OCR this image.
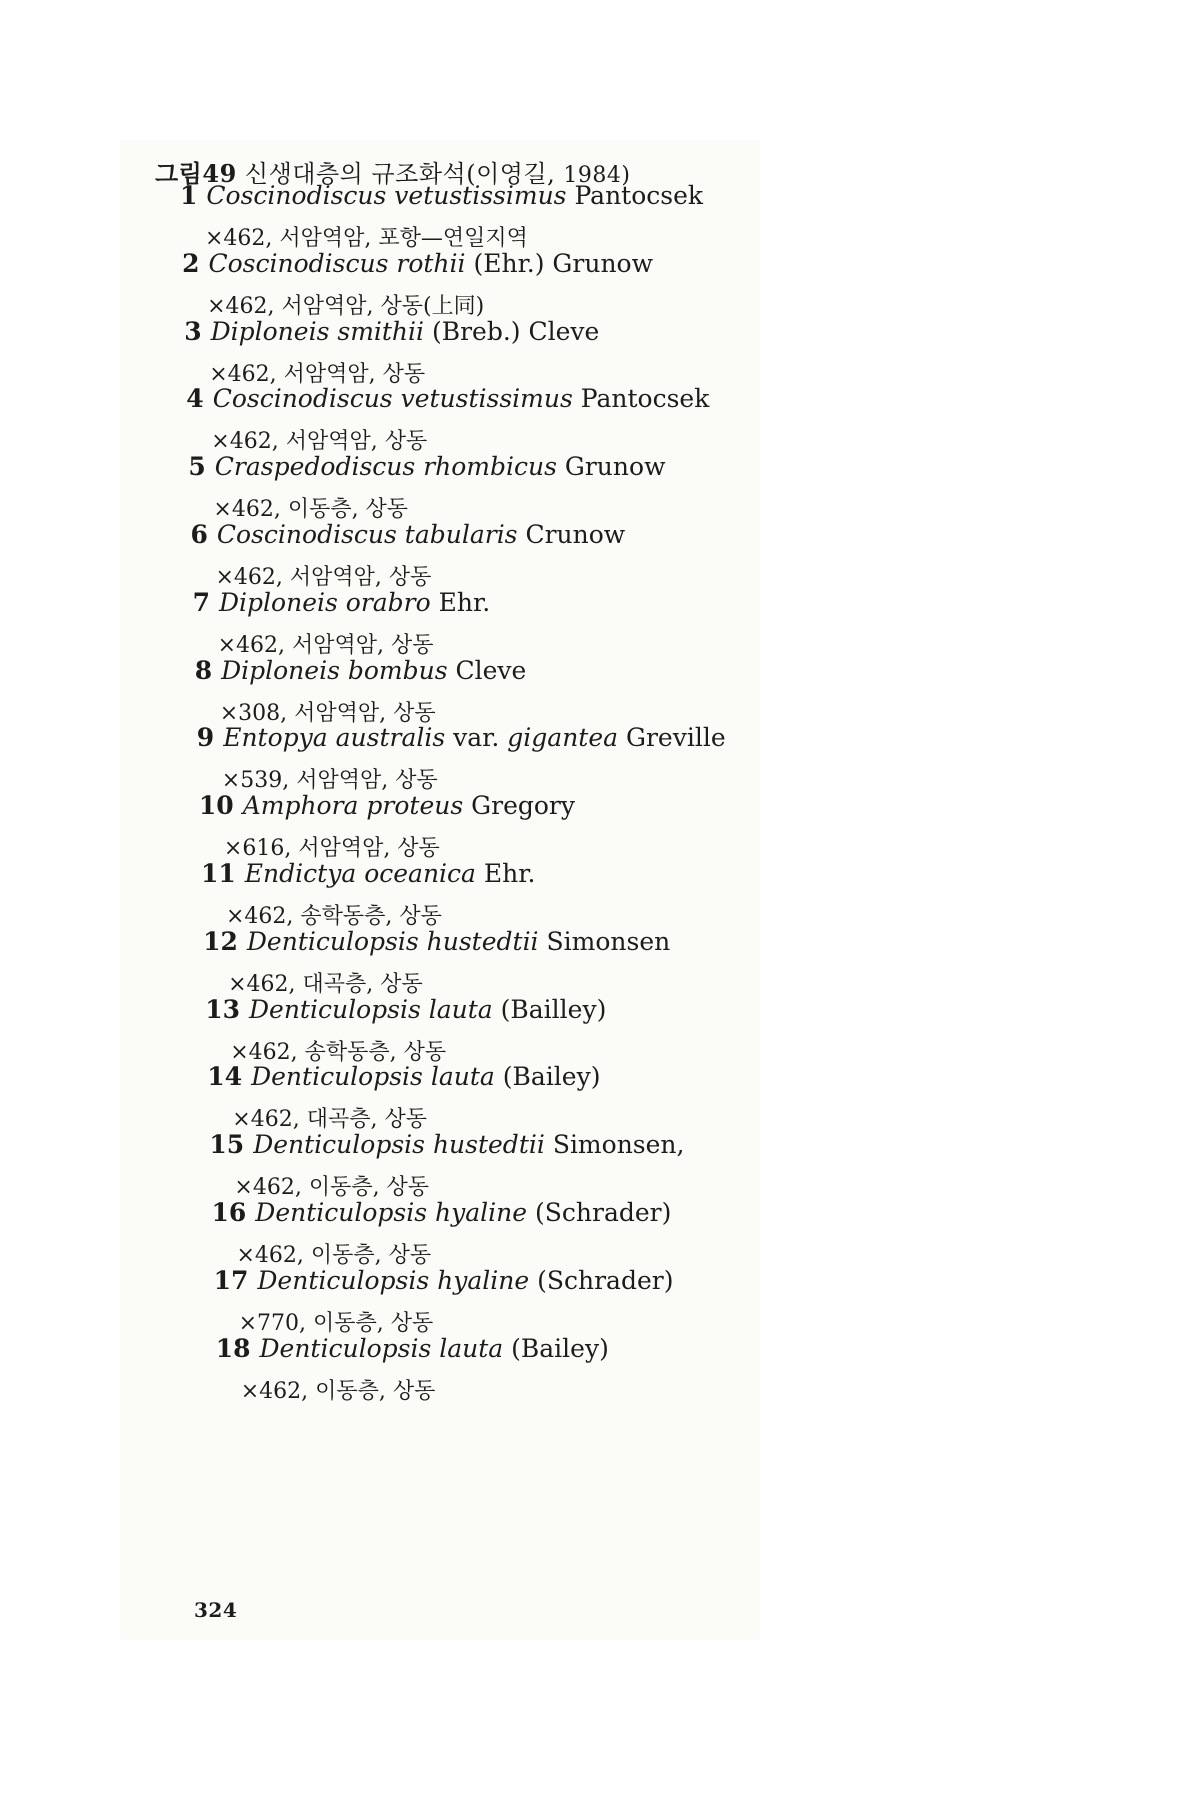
그림49 신생대층의 규조화석(이영길, 1984)
1 Coscinodiscus vetustissimus Pantocsek
×462, 서암역암, 포항—연일지역
2 Coscinodiscus rothii (Ehr.) Grunow
×462, 서암역암, 상동(上同)
3 Diploneis smithii (Breb.) Cleve
×462, 서암역암, 상동
4 Coscinodiscus vetustissimus Pantocsek
×462, 서암역암, 상동
5 Craspedodiscus rhombicus Grunow
×462, 이동층, 상동
6 Coscinodiscus tabularis Crunow
×462, 서암역암, 상동
7 Diploneis orabro Ehr.
×462, 서암역암, 상동
8 Diploneis bombus Cleve
×308, 서암역암, 상동
9 Entopya australis var. gigantea Greville
×539, 서암역암, 상동
10 Amphora proteus Gregory
×616, 서암역암, 상동
11 Endictya oceanica Ehr.
×462, 송학동층, 상동
12 Denticulopsis hustedtii Simonsen
×462, 대곡층, 상동
13 Denticulopsis lauta (Bailley)
×462, 송학동층, 상동
14 Denticulopsis lauta (Bailey)
×462, 대곡층, 상동
15 Denticulopsis hustedtii Simonsen,
×462, 이동층, 상동
16 Denticulopsis hyaline (Schrader)
×462, 이동층, 상동
17 Denticulopsis hyaline (Schrader)
×770, 이동층, 상동
18 Denticulopsis lauta (Bailey)
×462, 이동층, 상동
324
